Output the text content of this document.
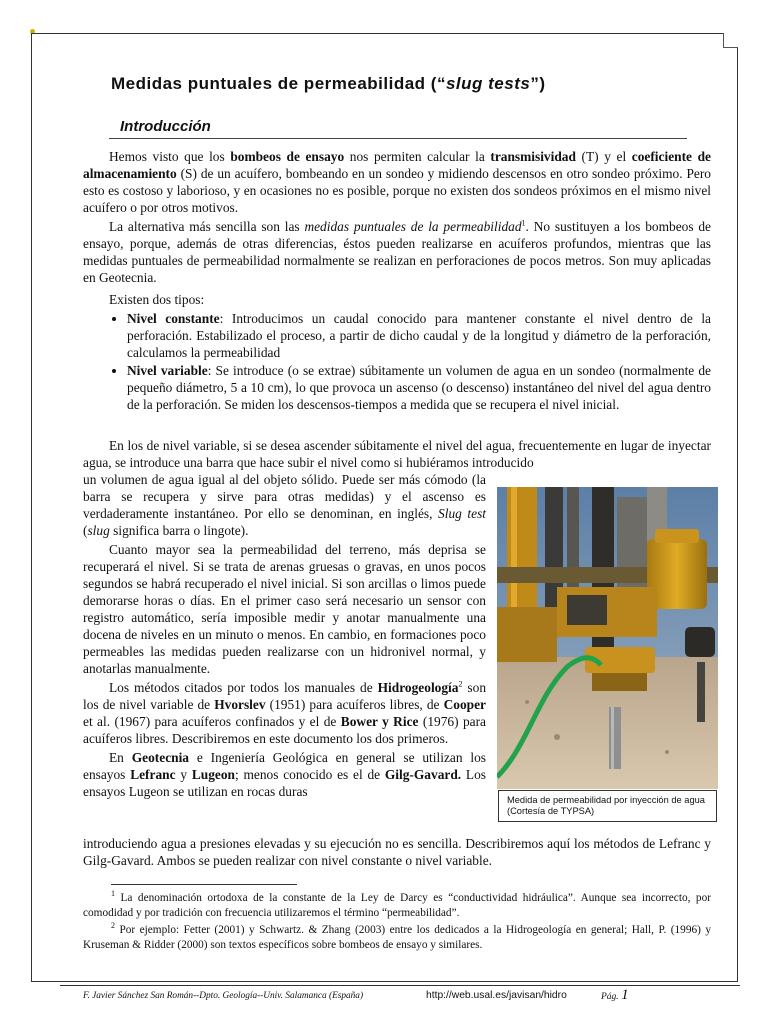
Medidas puntuales de permeabilidad (“slug tests”)
Introducción

Hemos visto que los bombeos de ensayo nos permiten calcular la transmisividad (T) y el coeficiente de almacenamiento (S) de un acuífero, bombeando en un sondeo y midiendo descensos en otro sondeo próximo. Pero esto es costoso y laborioso, y en ocasiones no es posible, porque no existen dos sondeos próximos en el mismo nivel acuífero o por otros motivos.

La alternativa más sencilla son las medidas puntuales de la permeabilidad$^1$. No sustituyen a los bombeos de ensayo, porque, además de otras diferencias, éstos pueden realizarse en acuíferos profundos, mientras que las medidas puntuales de permeabilidad normalmente se realizan en perforaciones de pocos metros. Son muy aplicadas en Geotecnia.

Existen dos tipos:

• Nivel constante: Introducimos un caudal conocido para mantener constante el nivel dentro de la perforación. Estabilizado el proceso, a partir de dicho caudal y de la longitud y diámetro de la perforación, calculamos la permeabilidad
• Nivel variable: Se introduce (o se extrae) súbitamente un volumen de agua en un sondeo (normalmente de pequeño diámetro, 5 a 10 cm), lo que provoca un ascenso (o descenso) instantáneo del nivel del agua dentro de la perforación. Se miden los descensos-tiempos a medida que se recupera el nivel inicial.

En los de nivel variable, si se desea ascender súbitamente el nivel del agua, frecuentemente en lugar de inyectar agua, se introduce una barra que hace subir el nivel como si hubiéramos introducido

un volumen de agua igual al del objeto sólido. Puede ser más cómodo (la barra se recupera y sirve para otras medidas) y el ascenso es verdaderamente instantáneo. Por ello se denominan, en inglés, Slug test (slug significa barra o lingote).

Cuanto mayor sea la permeabilidad del terreno, más deprisa se recuperará el nivel. Si se trata de arenas gruesas o gravas, en unos pocos segundos se habrá recuperado el nivel inicial. Si son arcillas o limos puede demorarse horas o días. En el primer caso será necesario un sensor con registro automático, sería imposible medir y anotar manualmente una docena de niveles en un minuto o menos. En cambio, en formaciones poco permeables las medidas pueden realizarse con un hidronivel normal, y anotarlas manualmente.

Los métodos citados por todos los manuales de Hidrogeología$^2$ son los de nivel variable de Hvorslev (1951) para acuíferos libres, de Cooper et al. (1967) para acuíferos confinados y el de Bower y Rice (1976) para acuíferos libres. Describiremos en este documento los dos primeros.

En Geotecnia e Ingeniería Geológica en general se utilizan los ensayos Lefranc y Lugeon; menos conocido es el de Gilg-Gavard. Los ensayos Lugeon se utilizan en rocas duras

introduciendo agua a presiones elevadas y su ejecución no es sencilla. Describiremos aquí los métodos de Lefranc y Gilg-Gavard. Ambos se pueden realizar con nivel constante o nivel variable.

Medida de permeabilidad por inyección de agua (Cortesía de TYPSA)

$^1$ La denominación ortodoxa de la constante de la Ley de Darcy es “conductividad hidráulica”. Aunque sea incorrecto, por comodidad y por tradición con frecuencia utilizaremos el término “permeabilidad”.

$^2$ Por ejemplo: Fetter (2001) y Schwartz. & Zhang (2003) entre los dedicados a la Hidrogeología en general; Hall, P. (1996) y Kruseman & Ridder (2000) son textos específicos sobre bombeos de ensayo y similares.

F. Javier Sánchez San Román--Dpto. Geología--Univ. Salamanca (España)	http://web.usal.es/javisan/hidro	Pág. 1
